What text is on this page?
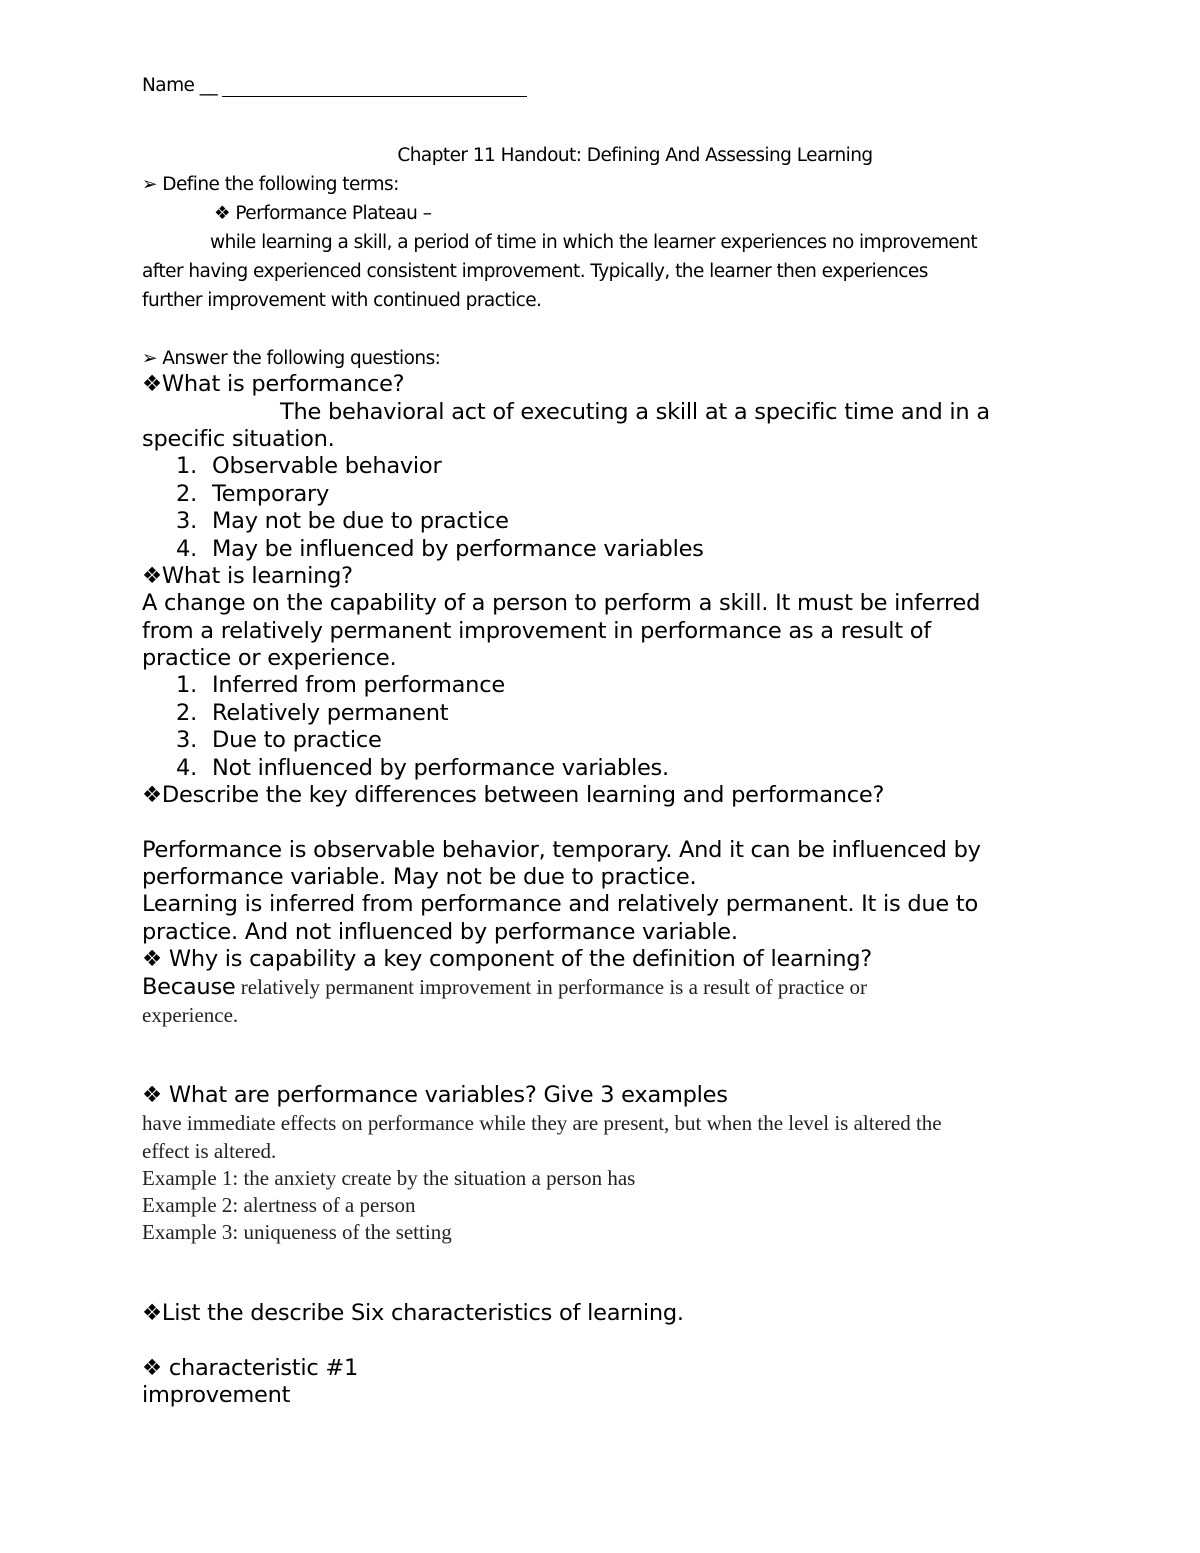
Name __
Chapter 11 Handout: Defining And Assessing Learning
➢ Define the following terms:
❖ Performance Plateau –
while learning a skill, a period of time in which the learner experiences no improvement
after having experienced consistent improvement. Typically, the learner then experiences
further improvement with continued practice.
➢ Answer the following questions:
❖What is performance?
The behavioral act of executing a skill at a specific time and in a
specific situation.
1. Observable behavior
2. Temporary
3. May not be due to practice
4. May be influenced by performance variables
❖What is learning?
A change on the capability of a person to perform a skill. It must be inferred
from a relatively permanent improvement in performance as a result of
practice or experience.
1. Inferred from performance
2. Relatively permanent
3. Due to practice
4. Not influenced by performance variables.
❖Describe the key differences between learning and performance?
Performance is observable behavior, temporary. And it can be influenced by
performance variable. May not be due to practice.
Learning is inferred from performance and relatively permanent. It is due to
practice. And not influenced by performance variable.
❖ Why is capability a key component of the definition of learning?
Because relatively permanent improvement in performance is a result of practice or
experience.
❖ What are performance variables? Give 3 examples
have immediate effects on performance while they are present, but when the level is altered the
effect is altered.
Example 1: the anxiety create by the situation a person has
Example 2: alertness of a person
Example 3: uniqueness of the setting
❖List the describe Six characteristics of learning.
❖ characteristic #1
improvement
